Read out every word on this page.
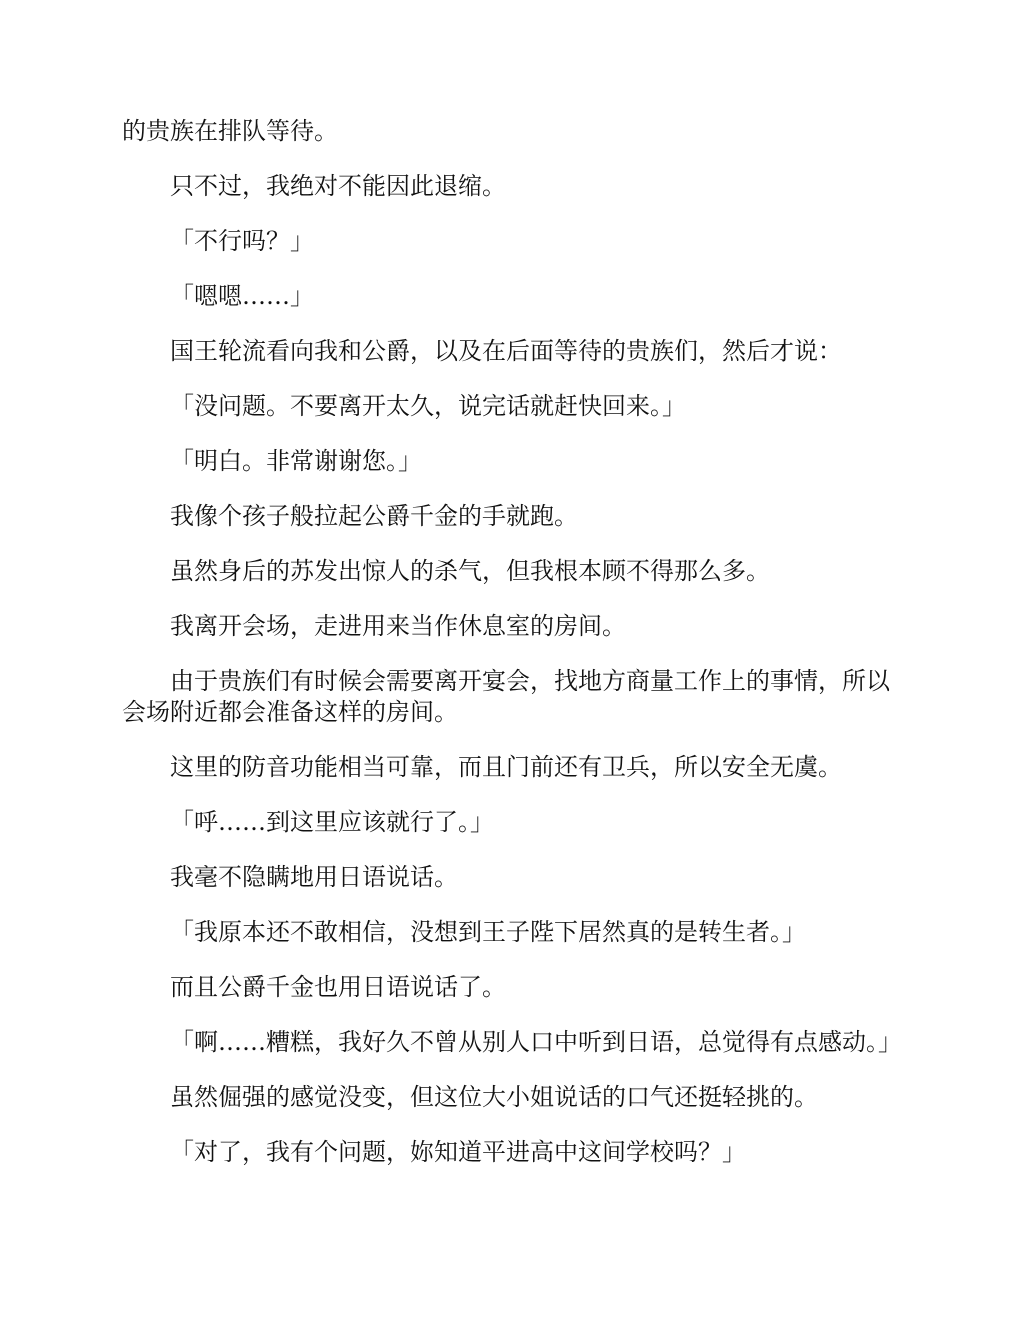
的贵族在排队等待。

只不过，我绝对不能因此退缩。

「不行吗？」

「嗯嗯……」

国王轮流看向我和公爵，以及在后面等待的贵族们，然后才说：

「没问题。不要离开太久，说完话就赶快回来。」

「明白。非常谢谢您。」

我像个孩子般拉起公爵千金的手就跑。

虽然身后的苏发出惊人的杀气，但我根本顾不得那么多。

我离开会场，走进用来当作休息室的房间。

由于贵族们有时候会需要离开宴会，找地方商量工作上的事情，所以会场附近都会准备这样的房间。

这里的防音功能相当可靠，而且门前还有卫兵，所以安全无虞。

「呼……到这里应该就行了。」

我毫不隐瞒地用日语说话。

「我原本还不敢相信，没想到王子陛下居然真的是转生者。」

而且公爵千金也用日语说话了。

「啊……糟糕，我好久不曾从别人口中听到日语，总觉得有点感动。」

虽然倔强的感觉没变，但这位大小姐说话的口气还挺轻挑的。

「对了，我有个问题，妳知道平进高中这间学校吗？」
